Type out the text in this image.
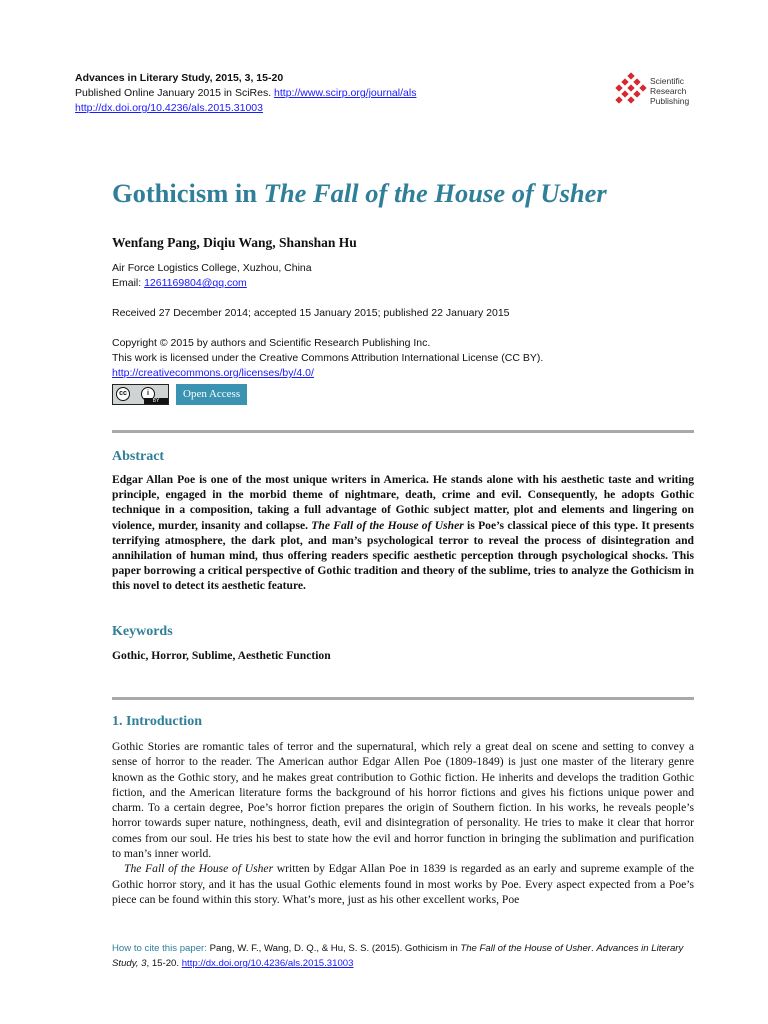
Advances in Literary Study, 2015, 3, 15-20
Published Online January 2015 in SciRes. http://www.scirp.org/journal/als
http://dx.doi.org/10.4236/als.2015.31003
Scientific
Research
Publishing
Gothicism in The Fall of the House of Usher
Wenfang Pang, Diqiu Wang, Shanshan Hu
Air Force Logistics College, Xuzhou, China
Email: 1261169804@qq.com
Received 27 December 2014; accepted 15 January 2015; published 22 January 2015
Copyright © 2015 by authors and Scientific Research Publishing Inc.
This work is licensed under the Creative Commons Attribution International License (CC BY).
http://creativecommons.org/licenses/by/4.0/
cc	i
BY
Open Access
Abstract
Edgar Allan Poe is one of the most unique writers in America. He stands alone with his aesthetic taste and writing principle, engaged in the morbid theme of nightmare, death, crime and evil. Consequently, he adopts Gothic technique in a composition, taking a full advantage of Gothic subject matter, plot and elements and lingering on violence, murder, insanity and collapse. The Fall of the House of Usher is Poe’s classical piece of this type. It presents terrifying atmosphere, the dark plot, and man’s psychological terror to reveal the process of disintegration and annihilation of human mind, thus offering readers specific aesthetic perception through psychological shocks. This paper borrowing a critical perspective of Gothic tradition and theory of the sublime, tries to analyze the Gothicism in this novel to detect its aesthetic feature.
Keywords
Gothic, Horror, Sublime, Aesthetic Function
1. Introduction

Gothic Stories are romantic tales of terror and the supernatural, which rely a great deal on scene and setting to convey a sense of horror to the reader. The American author Edgar Allen Poe (1809-1849) is just one master of the literary genre known as the Gothic story, and he makes great contribution to Gothic fiction. He inherits and develops the tradition Gothic fiction, and the American literature forms the background of his horror fictions and gives his fictions unique power and charm. To a certain degree, Poe’s horror fiction prepares the origin of Southern fiction. In his works, he reveals people’s horror towards super nature, nothingness, death, evil and disintegration of personality. He tries to make it clear that horror comes from our soul. He tries his best to state how the evil and horror function in bringing the sublimation and purification to man’s inner world.

The Fall of the House of Usher written by Edgar Allan Poe in 1839 is regarded as an early and supreme example of the Gothic horror story, and it has the usual Gothic elements found in most works by Poe. Every aspect expected from a Poe’s piece can be found within this story. What’s more, just as his other excellent works, Poe

How to cite this paper: Pang, W. F., Wang, D. Q., & Hu, S. S. (2015). Gothicism in The Fall of the House of Usher. Advances in Literary Study, 3, 15-20. http://dx.doi.org/10.4236/als.2015.31003
